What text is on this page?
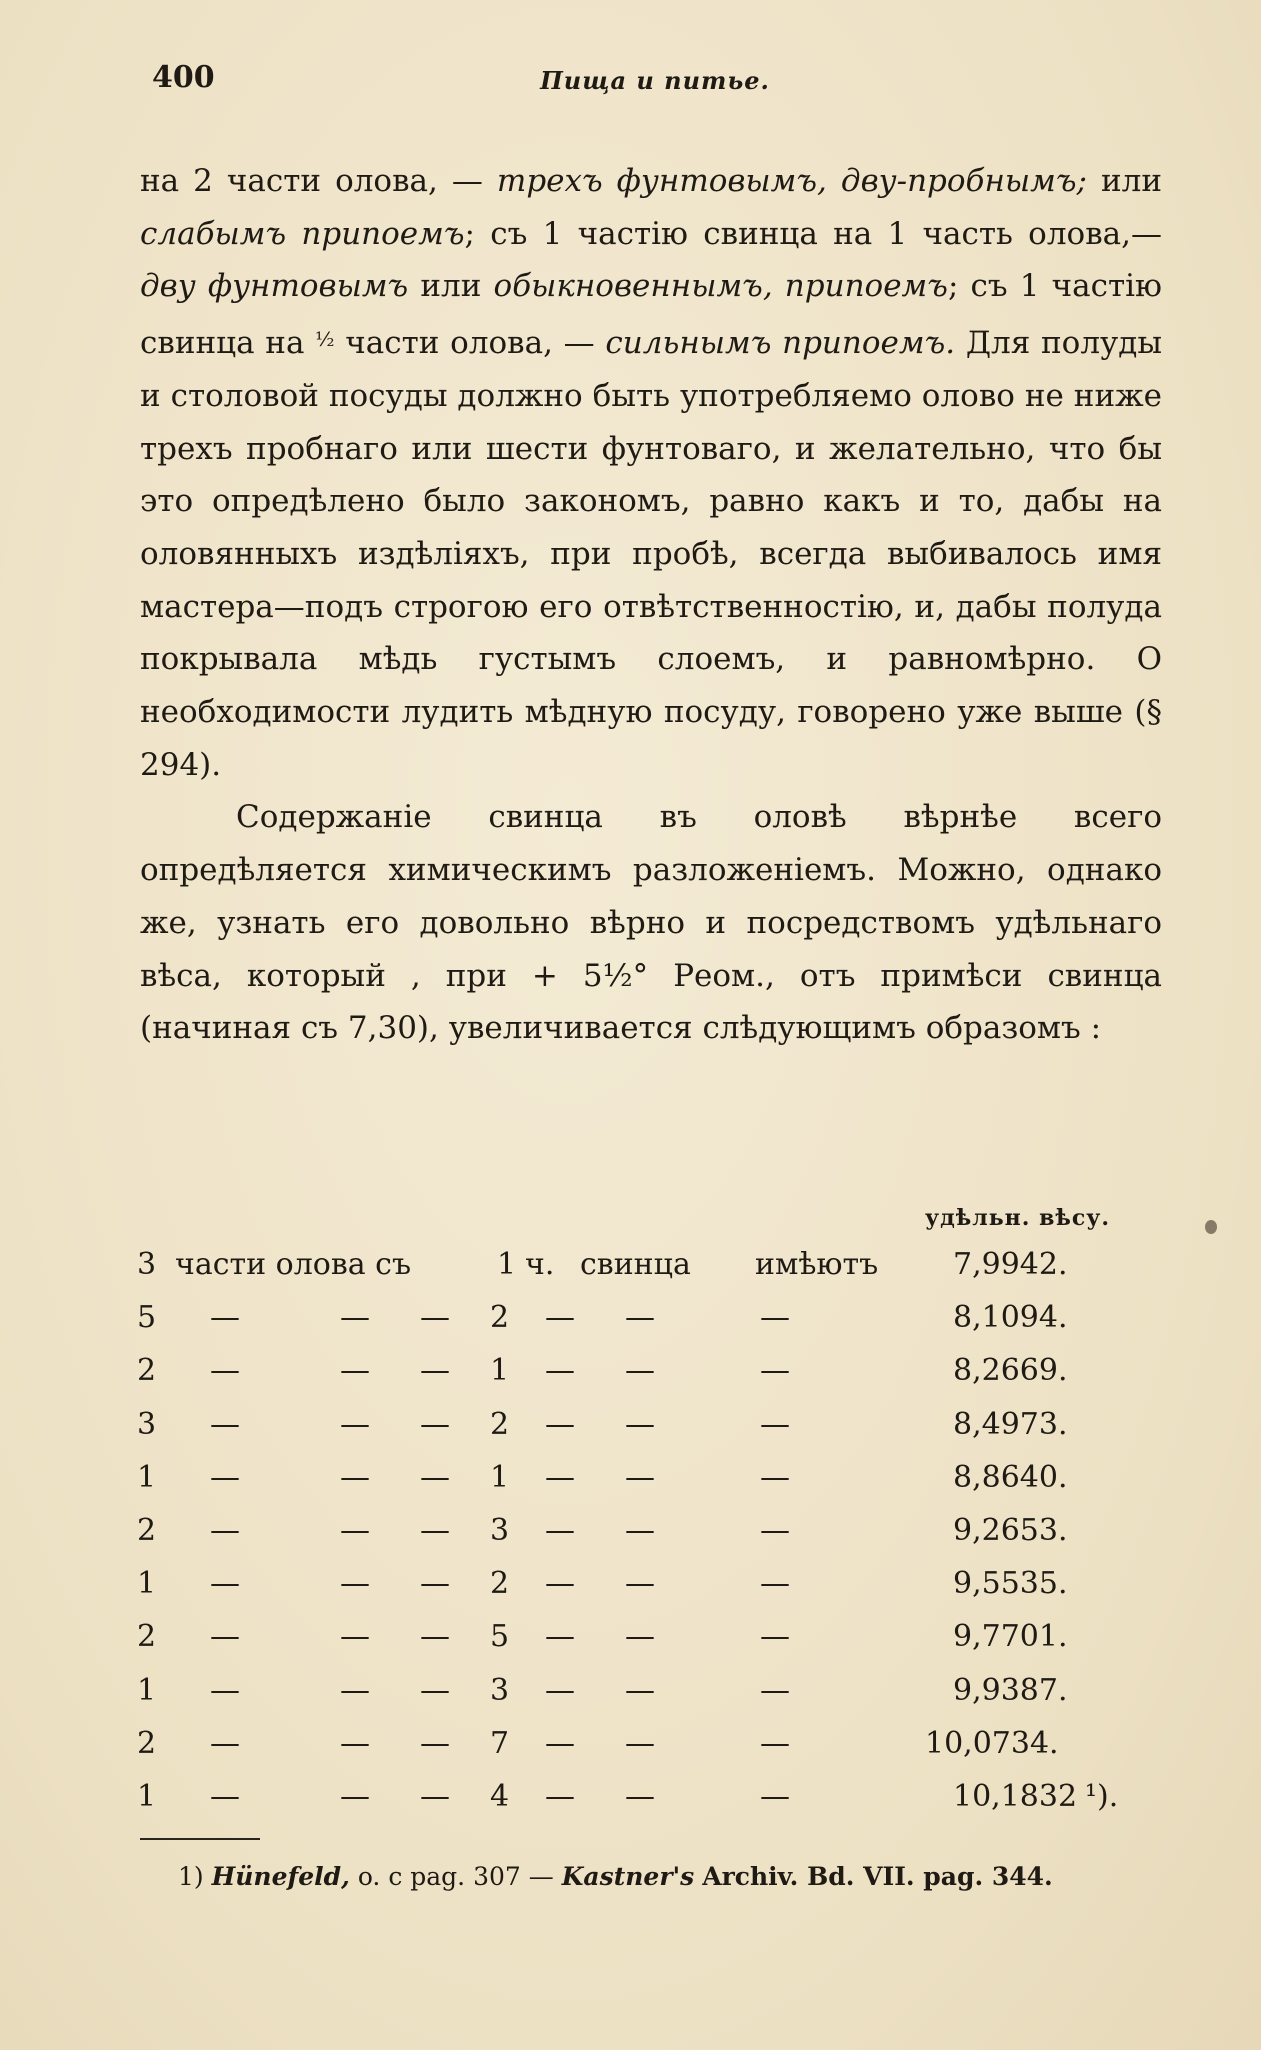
400	Пища и питье.

на 2 части олова, — трехъ фунтовымъ, дву-пробнымъ; или слабымъ припоемъ; съ 1 частію свинца на 1 часть олова,—дву фунтовымъ или обыкновеннымъ, припоемъ; съ 1 частію свинца на $^{\frac{1}{2}}$ части олова, — сильнымъ припоемъ. Для полуды и столовой посуды должно быть употребляемо олово не ниже трехъ пробнаго или шести фунтоваго, и желательно, что бы это опредѣлено было закономъ, равно какъ и то, дабы на оловянныхъ издѣліяхъ, при пробѣ, всегда выбивалось имя мастера—подъ строгою его отвѣтственностію, и, дабы полуда покрывала мѣдь густымъ слоемъ, и равномѣрно. О необходимости лудить мѣдную посуду, говорено уже выше (§ 294).

Содержаніе свинца въ оловѣ вѣрнѣе всего опредѣляется химическимъ разложеніемъ. Можно, однако же, узнать его довольно вѣрно и посредствомъ удѣльнаго вѣса, который , при + 5½° Реом., отъ примѣси свинца (начиная съ 7,30), увеличивается слѣдующимъ образомъ :

удѣльн. вѣсу.
3 части олова съ	1 ч. свинца имѣютъ 7,9942.
5 —	— — 2 — —	—	8,1094.
2 —	— — 1 — —	—	8,2669.
3 —	— — 2 — —	—	8,4973.
1 —	— — 1 — —	—	8,8640.
2 —	— — 3 — —	—	9,2653.
1 —	— — 2 — —	—	9,5535.
2 —	— — 5 — —	—	9,7701.
1 —	— — 3 — —	—	9,9387.
2 —	— — 7 — —	—	10,0734.
1 —	— — 4 — —	—	10,1832 ¹).
1) Hünefeld, o. c pag. 307 — Kastner's Archiv. Bd. VII. pag. 344.
